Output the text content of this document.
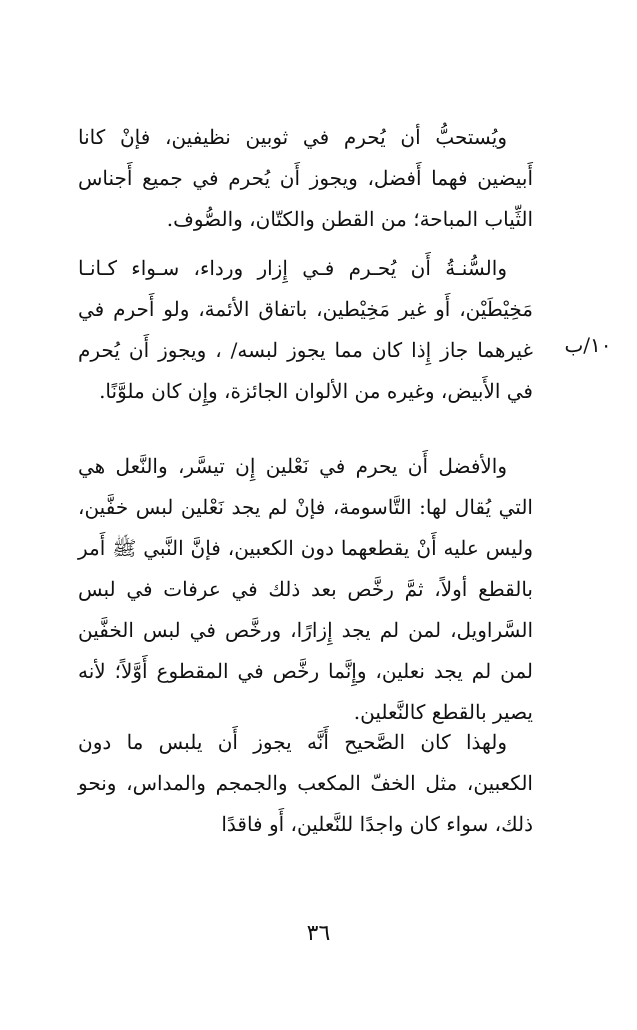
ويُستحبُّ أن يُحرم في ثوبين نظيفين، فإنْ كانا أَبيضين فهما أَفضل، ويجوز أَن يُحرم في جميع أَجناس الثِّياب المباحة؛ من القطن والكتّان، والصُّوف.

والسُّنـةُ أَن يُحـرم فـي إِزار ورداء، سـواء كـانـا مَخِيْطَيْن، أَو غير مَخِيْطين، باتفاق الأئمة، ولو أَحرم في غيرهما جاز إِذا كان مما يجوز لبسه/ ، ويجوز أَن يُحرم في الأَبيض، وغيره من الألوان الجائزة، وإِن كان ملوَّنًا.

١٠/ب

والأفضل أَن يحرم في نَعْلين إِن تيسَّر، والنَّعل هي التي يُقال لها: التَّاسومة، فإنْ لم يجد نَعْلين لبس خفَّين، وليس عليه أَنْ يقطعهما دون الكعبين، فإنَّ النَّبي ﷺ أَمر بالقطع أولاً، ثمَّ رخَّص بعد ذلك في عرفات في لبس السَّراويل، لمن لم يجد إِزارًا، ورخَّص في لبس الخفَّين لمن لم يجد نعلين، وإِنَّما رخَّص في المقطوع أَوَّلاً؛ لأنه يصير بالقطع كالنَّعلين.

ولهذا كان الصَّحيح أَنَّه يجوز أَن يلبس ما دون الكعبين، مثل الخفّ المكعب والجمجم والمداس، ونحو ذلك، سواء كان واجدًا للنَّعلين، أَو فاقدًا

٣٦
